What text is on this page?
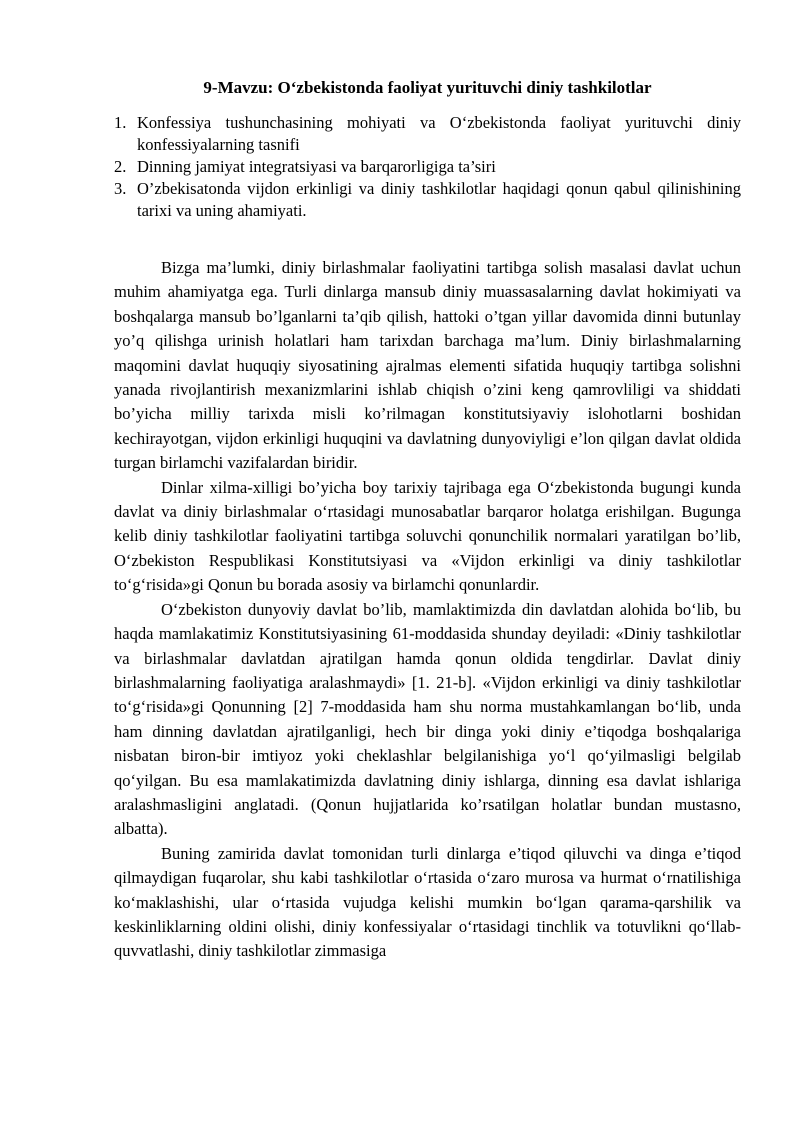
9-Mavzu: O‘zbekistonda faoliyat yurituvchi diniy tashkilotlar
1. Konfessiya tushunchasining mohiyati va O‘zbekistonda faoliyat yurituvchi diniy konfessiyalarning tasnifi
2. Dinning jamiyat integratsiyasi va barqarorligiga ta’siri
3. O’zbekisatonda vijdon erkinligi va diniy tashkilotlar haqidagi qonun qabul qilinishining tarixi va uning ahamiyati.

Bizga ma’lumki, diniy birlashmalar faoliyatini tartibga solish masalasi davlat uchun muhim ahamiyatga ega. Turli dinlarga mansub diniy muassasalarning davlat hokimiyati va boshqalarga mansub bo’lganlarni ta’qib qilish, hattoki o’tgan yillar davomida dinni butunlay yo’q qilishga urinish holatlari ham tarixdan barchaga ma’lum. Diniy birlashmalarning maqomini davlat huquqiy siyosatining ajralmas elementi sifatida huquqiy tartibga solishni yanada rivojlantirish mexanizmlarini ishlab chiqish o’zini keng qamrovliligi va shiddati bo’yicha milliy tarixda misli ko’rilmagan konstitutsiyaviy islohotlarni boshidan kechirayotgan, vijdon erkinligi huquqini va davlatning dunyoviyligi e’lon qilgan davlat oldida turgan birlamchi vazifalardan biridir.

Dinlar xilma-xilligi bo’yicha boy tarixiy tajribaga ega O‘zbekistonda bugungi kunda davlat va diniy birlashmalar o‘rtasidagi munosabatlar barqaror holatga erishilgan. Bugunga kelib diniy tashkilotlar faoliyatini tartibga soluvchi qonunchilik normalari yaratilgan bo’lib, O‘zbekiston Respublikasi Konstitutsiyasi va «Vijdon erkinligi va diniy tashkilotlar to‘g‘risida»gi Qonun bu borada asosiy va birlamchi qonunlardir.

O‘zbekiston dunyoviy davlat bo’lib, mamlaktimizda din davlatdan alohida bo‘lib, bu haqda mamlakatimiz Konstitutsiyasining 61-moddasida shunday deyiladi: «Diniy tashkilotlar va birlashmalar davlatdan ajratilgan hamda qonun oldida tengdirlar. Davlat diniy birlashmalarning faoliyatiga aralashmaydi» [1. 21-b]. «Vijdon erkinligi va diniy tashkilotlar to‘g‘risida»gi Qonunning [2] 7-moddasida ham shu norma mustahkamlangan bo‘lib, unda ham dinning davlatdan ajratilganligi, hech bir dinga yoki diniy e’tiqodga boshqalariga nisbatan biron-bir imtiyoz yoki cheklashlar belgilanishiga yo‘l qo‘yilmasligi belgilab qo‘yilgan. Bu esa mamlakatimizda davlatning diniy ishlarga, dinning esa davlat ishlariga aralashmasligini anglatadi. (Qonun hujjatlarida ko’rsatilgan holatlar bundan mustasno, albatta).

Buning zamirida davlat tomonidan turli dinlarga e’tiqod qiluvchi va dinga e’tiqod qilmaydigan fuqarolar, shu kabi tashkilotlar o‘rtasida o‘zaro murosa va hurmat o‘rnatilishiga ko‘maklashishi, ular o‘rtasida vujudga kelishi mumkin bo‘lgan qarama-qarshilik va keskinliklarning oldini olishi, diniy konfessiyalar o‘rtasidagi tinchlik va totuvlikni qo‘llab-quvvatlashi, diniy tashkilotlar zimmasiga
